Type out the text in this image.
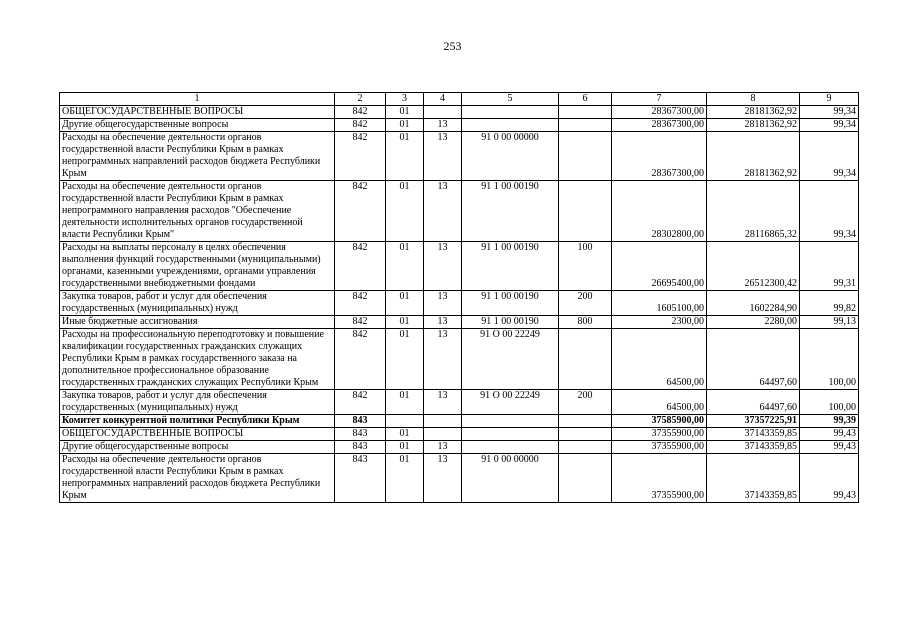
253
1	2	3	4	5	6	7	8	9
ОБЩЕГОСУДАРСТВЕННЫЕ ВОПРОСЫ	842	01				28367300,00	28181362,92	99,34
Другие общегосударственные вопросы	842	01	13			28367300,00	28181362,92	99,34
Расходы на обеспечение деятельности органов государственной власти Республики Крым в рамках непрограммных направлений расходов бюджета Республики Крым	842	01	13	91 0 00 00000		28367300,00	28181362,92	99,34
Расходы на обеспечение деятельности органов государственной власти Республики Крым в рамках непрограммного направления расходов "Обеспечение деятельности исполнительных органов государственной власти Республики Крым"	842	01	13	91 1 00 00190		28302800,00	28116865,32	99,34
Расходы на выплаты персоналу в целях обеспечения выполнения функций государственными (муниципальными) органами, казенными учреждениями, органами управления государственными внебюджетными фондами	842	01	13	91 1 00 00190	100	26695400,00	26512300,42	99,31
Закупка товаров, работ и услуг для обеспечения государственных (муниципальных) нужд	842	01	13	91 1 00 00190	200	1605100,00	1602284,90	99,82
Иные бюджетные ассигнования	842	01	13	91 1 00 00190	800	2300,00	2280,00	99,13
Расходы на профессиональную переподготовку и повышение квалификации государственных гражданских служащих Республики Крым в рамках государственного заказа на дополнительное профессиональное образование государственных гражданских служащих Республики Крым	842	01	13	91 О 00 22249		64500,00	64497,60	100,00
Закупка товаров, работ и услуг для обеспечения государственных (муниципальных) нужд	842	01	13	91 О 00 22249	200	64500,00	64497,60	100,00
Комитет конкурентной политики Республики Крым	843					37585900,00	37357225,91	99,39
ОБЩЕГОСУДАРСТВЕННЫЕ ВОПРОСЫ	843	01				37355900,00	37143359,85	99,43
Другие общегосударственные вопросы	843	01	13			37355900,00	37143359,85	99,43
Расходы на обеспечение деятельности органов государственной власти Республики Крым в рамках непрограммных направлений расходов бюджета Республики Крым	843	01	13	91 0 00 00000		37355900,00	37143359,85	99,43
